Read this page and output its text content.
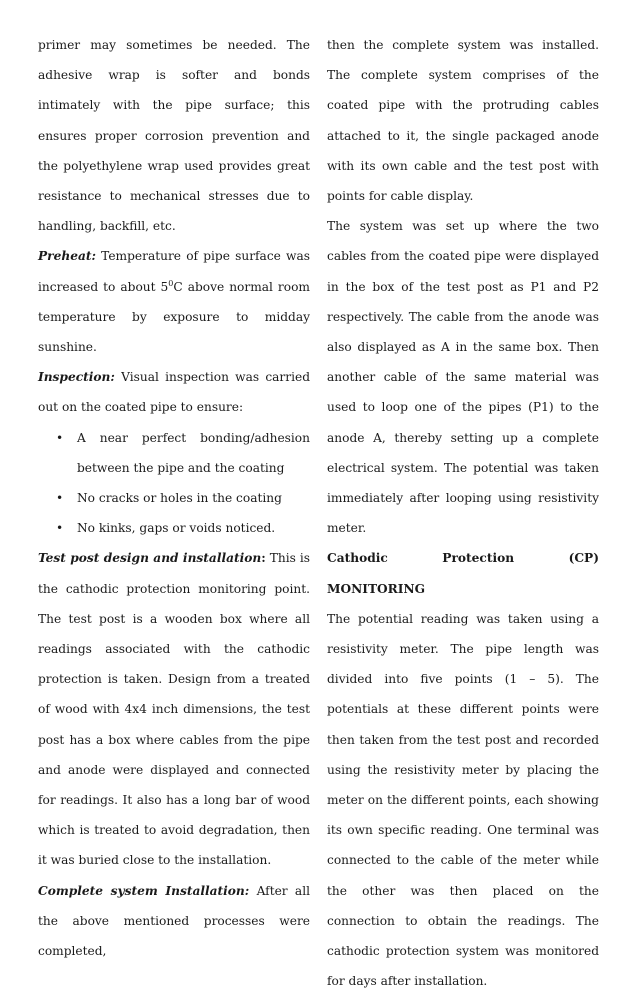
primer may sometimes be needed. The adhesive wrap is softer and bonds intimately with the pipe surface; this ensures proper corrosion prevention and the polyethylene wrap used provides great resistance to mechanical stresses due to handling, backfill, etc.

Preheat: Temperature of pipe surface was increased to about $5^0C$ above normal room temperature by exposure to midday sunshine.

Inspection: Visual inspection was carried out on the coated pipe to ensure:

• A near perfect bonding/adhesion between the pipe and the coating
• No cracks or holes in the coating
• No kinks, gaps or voids noticed.

Test post design and installation: This is the cathodic protection monitoring point. The test post is a wooden box where all readings associated with the cathodic protection is taken. Design from a treated of wood with 4x4 inch dimensions, the test post has a box where cables from the pipe and anode were displayed and connected for readings. It also has a long bar of wood which is treated to avoid degradation, then it was buried close to the installation.

Complete system Installation: After all the above mentioned processes were completed,

then the complete system was installed. The complete system comprises of the coated pipe with the protruding cables attached to it, the single packaged anode with its own cable and the test post with points for cable display.

The system was set up where the two cables from the coated pipe were displayed in the box of the test post as P1 and P2 respectively. The cable from the anode was also displayed as A in the same box. Then another cable of the same material was used to loop one of the pipes (P1) to the anode A, thereby setting up a complete electrical system. The potential was taken immediately after looping using resistivity meter.

Cathodic Protection (CP) MONITORING

The potential reading was taken using a resistivity meter. The pipe length was divided into five points (1 – 5). The potentials at these different points were then taken from the test post and recorded using the resistivity meter by placing the meter on the different points, each showing its own specific reading. One terminal was connected to the cable of the meter while the other was then placed on the connection to obtain the readings. The cathodic protection system was monitored for days after installation.
